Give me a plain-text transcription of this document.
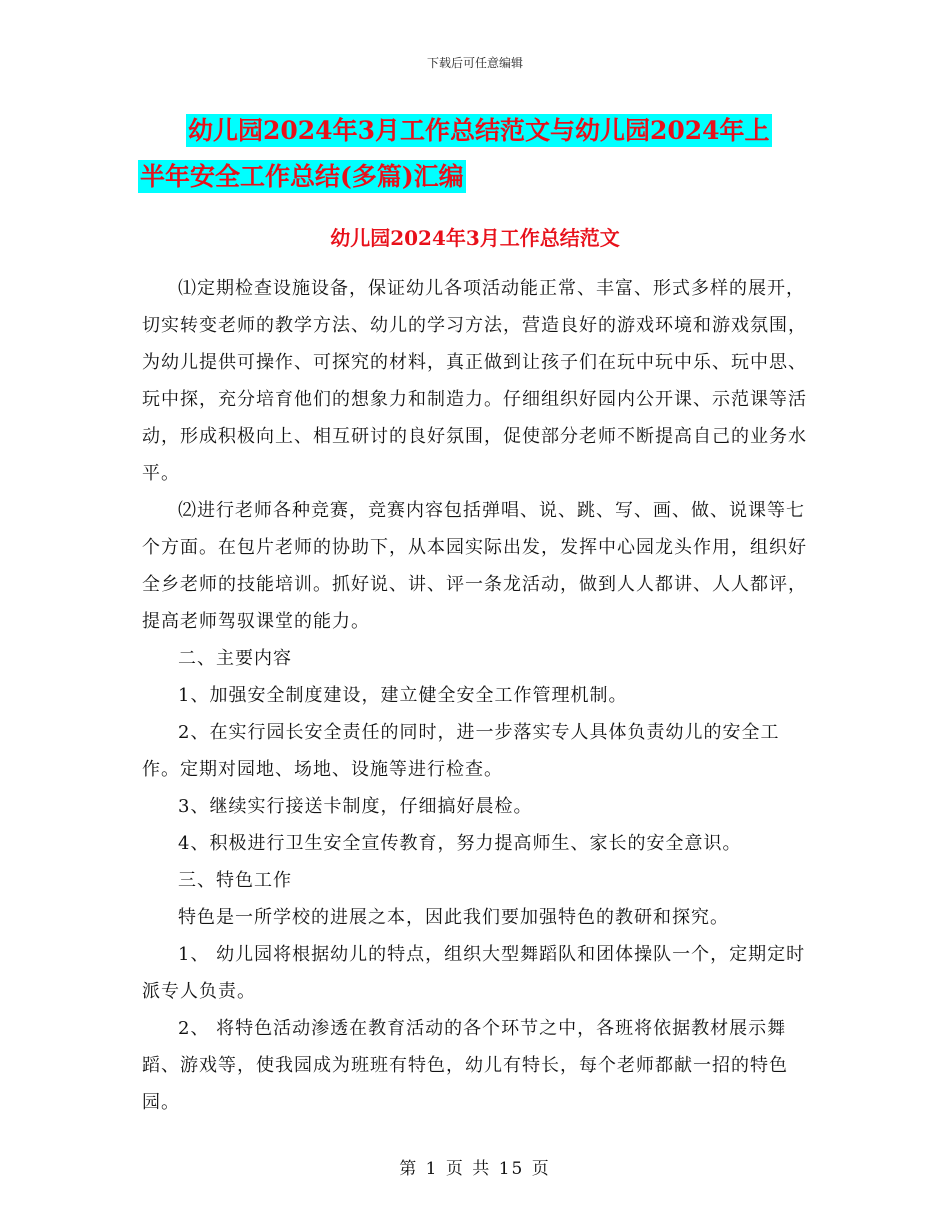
下载后可任意编辑
幼儿园2024年3月工作总结范文与幼儿园2024年上

半年安全工作总结(多篇)汇编
幼儿园2024年3月工作总结范文

⑴定期检查设施设备，保证幼儿各项活动能正常、丰富、形式多样的展开，切实转变老师的教学方法、幼儿的学习方法，营造良好的游戏环境和游戏氛围，为幼儿提供可操作、可探究的材料，真正做到让孩子们在玩中玩中乐、玩中思、玩中探，充分培育他们的想象力和制造力。仔细组织好园内公开课、示范课等活动，形成积极向上、相互研讨的良好氛围，促使部分老师不断提高自己的业务水平。

⑵进行老师各种竞赛，竞赛内容包括弹唱、说、跳、写、画、做、说课等七个方面。在包片老师的协助下，从本园实际出发，发挥中心园龙头作用，组织好全乡老师的技能培训。抓好说、讲、评一条龙活动，做到人人都讲、人人都评，提高老师驾驭课堂的能力。

二、主要内容

1、加强安全制度建设，建立健全安全工作管理机制。

2、在实行园长安全责任的同时，进一步落实专人具体负责幼儿的安全工作。定期对园地、场地、设施等进行检查。

3、继续实行接送卡制度，仔细搞好晨检。

4、积极进行卫生安全宣传教育，努力提高师生、家长的安全意识。

三、特色工作

特色是一所学校的进展之本，因此我们要加强特色的教研和探究。

1、 幼儿园将根据幼儿的特点，组织大型舞蹈队和团体操队一个，定期定时派专人负责。

2、 将特色活动渗透在教育活动的各个环节之中，各班将依据教材展示舞蹈、游戏等，使我园成为班班有特色，幼儿有特长，每个老师都献一招的特色园。

第 1 页 共 15 页
